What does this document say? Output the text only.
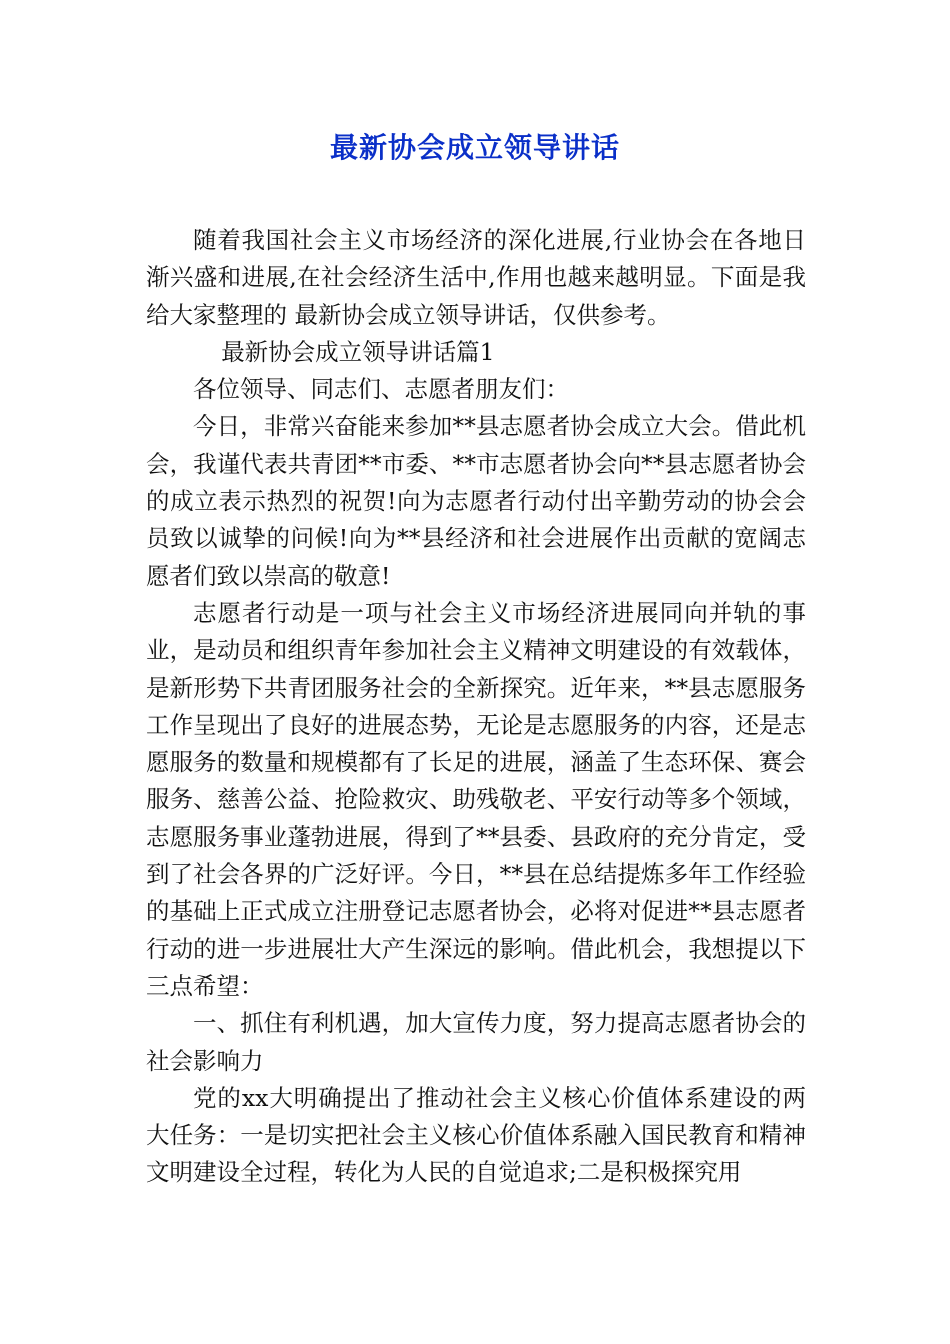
最新协会成立领导讲话

随着我国社会主义市场经济的深化进展,行业协会在各地日渐兴盛和进展,在社会经济生活中,作用也越来越明显。下面是我给大家整理的 最新协会成立领导讲话，仅供参考。

最新协会成立领导讲话篇1

各位领导、同志们、志愿者朋友们：

今日，非常兴奋能来参加**县志愿者协会成立大会。借此机会，我谨代表共青团**市委、**市志愿者协会向**县志愿者协会的成立表示热烈的祝贺!向为志愿者行动付出辛勤劳动的协会会员致以诚挚的问候!向为**县经济和社会进展作出贡献的宽阔志愿者们致以崇高的敬意!

志愿者行动是一项与社会主义市场经济进展同向并轨的事业，是动员和组织青年参加社会主义精神文明建设的有效载体，是新形势下共青团服务社会的全新探究。近年来，**县志愿服务工作呈现出了良好的进展态势，无论是志愿服务的内容，还是志愿服务的数量和规模都有了长足的进展，涵盖了生态环保、赛会服务、慈善公益、抢险救灾、助残敬老、平安行动等多个领域，志愿服务事业蓬勃进展，得到了**县委、县政府的充分肯定，受到了社会各界的广泛好评。今日，**县在总结提炼多年工作经验的基础上正式成立注册登记志愿者协会，必将对促进**县志愿者行动的进一步进展壮大产生深远的影响。借此机会，我想提以下三点希望：

一、抓住有利机遇，加大宣传力度，努力提高志愿者协会的社会影响力

党的xx大明确提出了推动社会主义核心价值体系建设的两大任务：一是切实把社会主义核心价值体系融入国民教育和精神文明建设全过程，转化为人民的自觉追求;二是积极探究用
